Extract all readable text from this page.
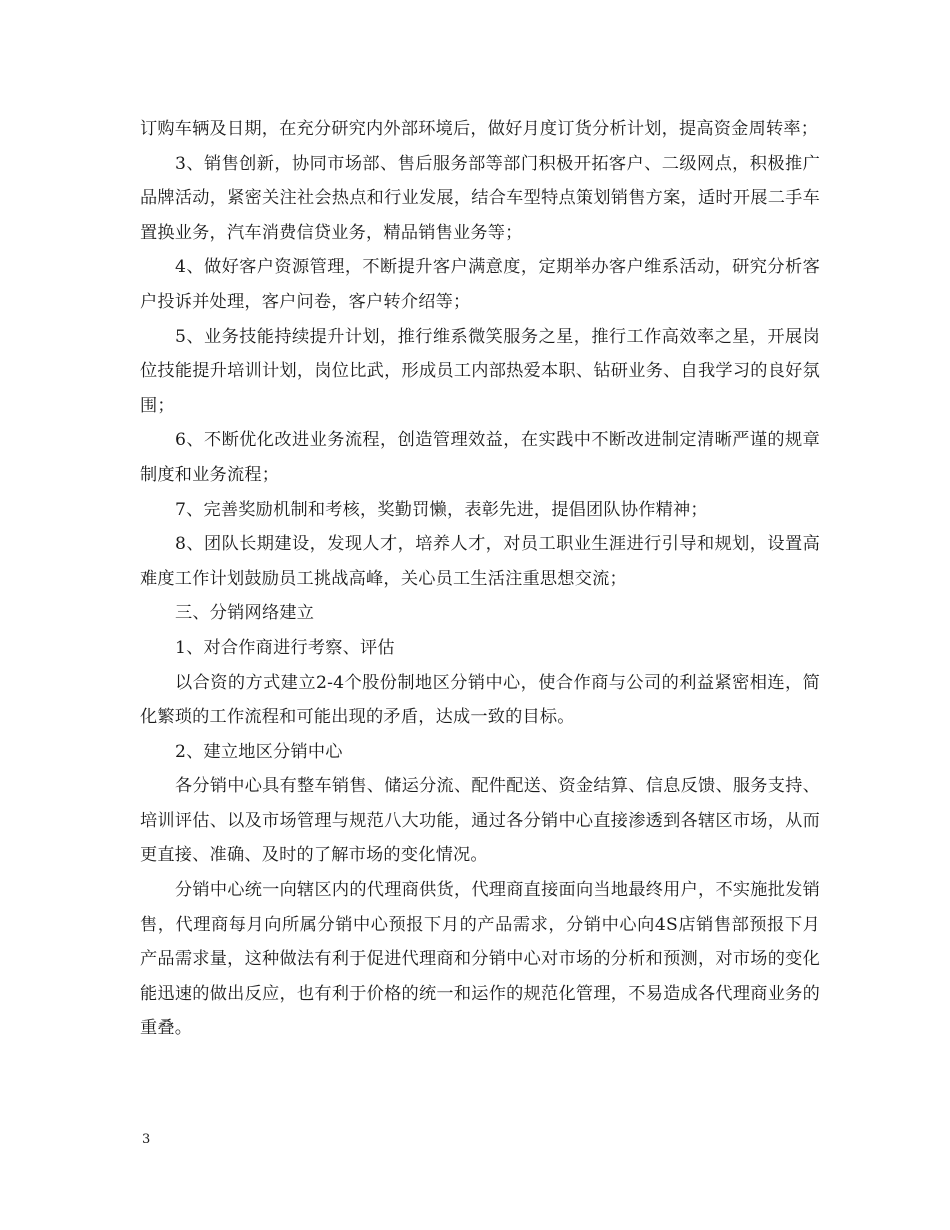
订购车辆及日期，在充分研究内外部环境后，做好月度订货分析计划，提高资金周转率；

3、销售创新，协同市场部、售后服务部等部门积极开拓客户、二级网点，积极推广品牌活动，紧密关注社会热点和行业发展，结合车型特点策划销售方案，适时开展二手车置换业务，汽车消费信贷业务，精品销售业务等；

4、做好客户资源管理，不断提升客户满意度，定期举办客户维系活动，研究分析客户投诉并处理，客户问卷，客户转介绍等；

5、业务技能持续提升计划，推行维系微笑服务之星，推行工作高效率之星，开展岗位技能提升培训计划，岗位比武，形成员工内部热爱本职、钻研业务、自我学习的良好氛围；

6、不断优化改进业务流程，创造管理效益，在实践中不断改进制定清晰严谨的规章制度和业务流程；

7、完善奖励机制和考核，奖勤罚懒，表彰先进，提倡团队协作精神；

8、团队长期建设，发现人才，培养人才，对员工职业生涯进行引导和规划，设置高难度工作计划鼓励员工挑战高峰，关心员工生活注重思想交流；

三、分销网络建立

1、对合作商进行考察、评估

以合资的方式建立2-4个股份制地区分销中心，使合作商与公司的利益紧密相连，简化繁琐的工作流程和可能出现的矛盾，达成一致的目标。

2、建立地区分销中心

各分销中心具有整车销售、储运分流、配件配送、资金结算、信息反馈、服务支持、培训评估、以及市场管理与规范八大功能，通过各分销中心直接渗透到各辖区市场，从而更直接、准确、及时的了解市场的变化情况。

分销中心统一向辖区内的代理商供货，代理商直接面向当地最终用户，不实施批发销售，代理商每月向所属分销中心预报下月的产品需求，分销中心向4S店销售部预报下月产品需求量，这种做法有利于促进代理商和分销中心对市场的分析和预测，对市场的变化能迅速的做出反应，也有利于价格的统一和运作的规范化管理，不易造成各代理商业务的重叠。

3
